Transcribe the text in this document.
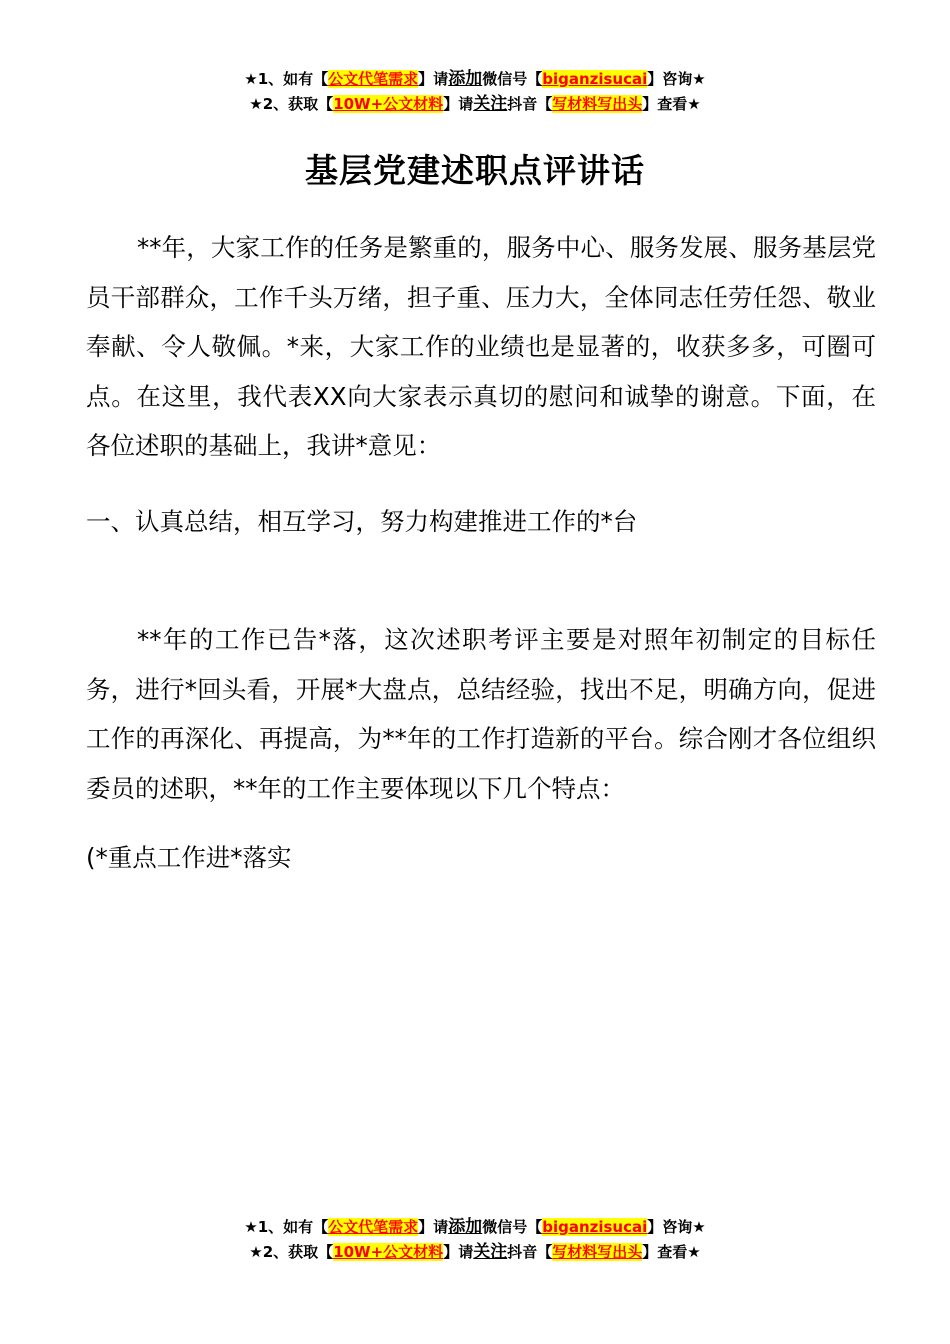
★1、如有【公文代笔需求】请添加微信号【biganzisucai】咨询★
★2、获取【10W+公文材料】请关注抖音【写材料写出头】查看★
基层党建述职点评讲话

**年，大家工作的任务是繁重的，服务中心、服务发展、服务基层党员干部群众，工作千头万绪，担子重、压力大，全体同志任劳任怨、敬业奉献、令人敬佩。*来，大家工作的业绩也是显著的，收获多多，可圈可点。在这里，我代表XX向大家表示真切的慰问和诚挚的谢意。下面，在各位述职的基础上，我讲*意见：

一、认真总结，相互学习，努力构建推进工作的*台

**年的工作已告*落，这次述职考评主要是对照年初制定的目标任务，进行*回头看，开展*大盘点，总结经验，找出不足，明确方向，促进工作的再深化、再提高，为**年的工作打造新的平台。综合刚才各位组织委员的述职，**年的工作主要体现以下几个特点：

(*重点工作进*落实

★1、如有【公文代笔需求】请添加微信号【biganzisucai】咨询★
★2、获取【10W+公文材料】请关注抖音【写材料写出头】查看★
